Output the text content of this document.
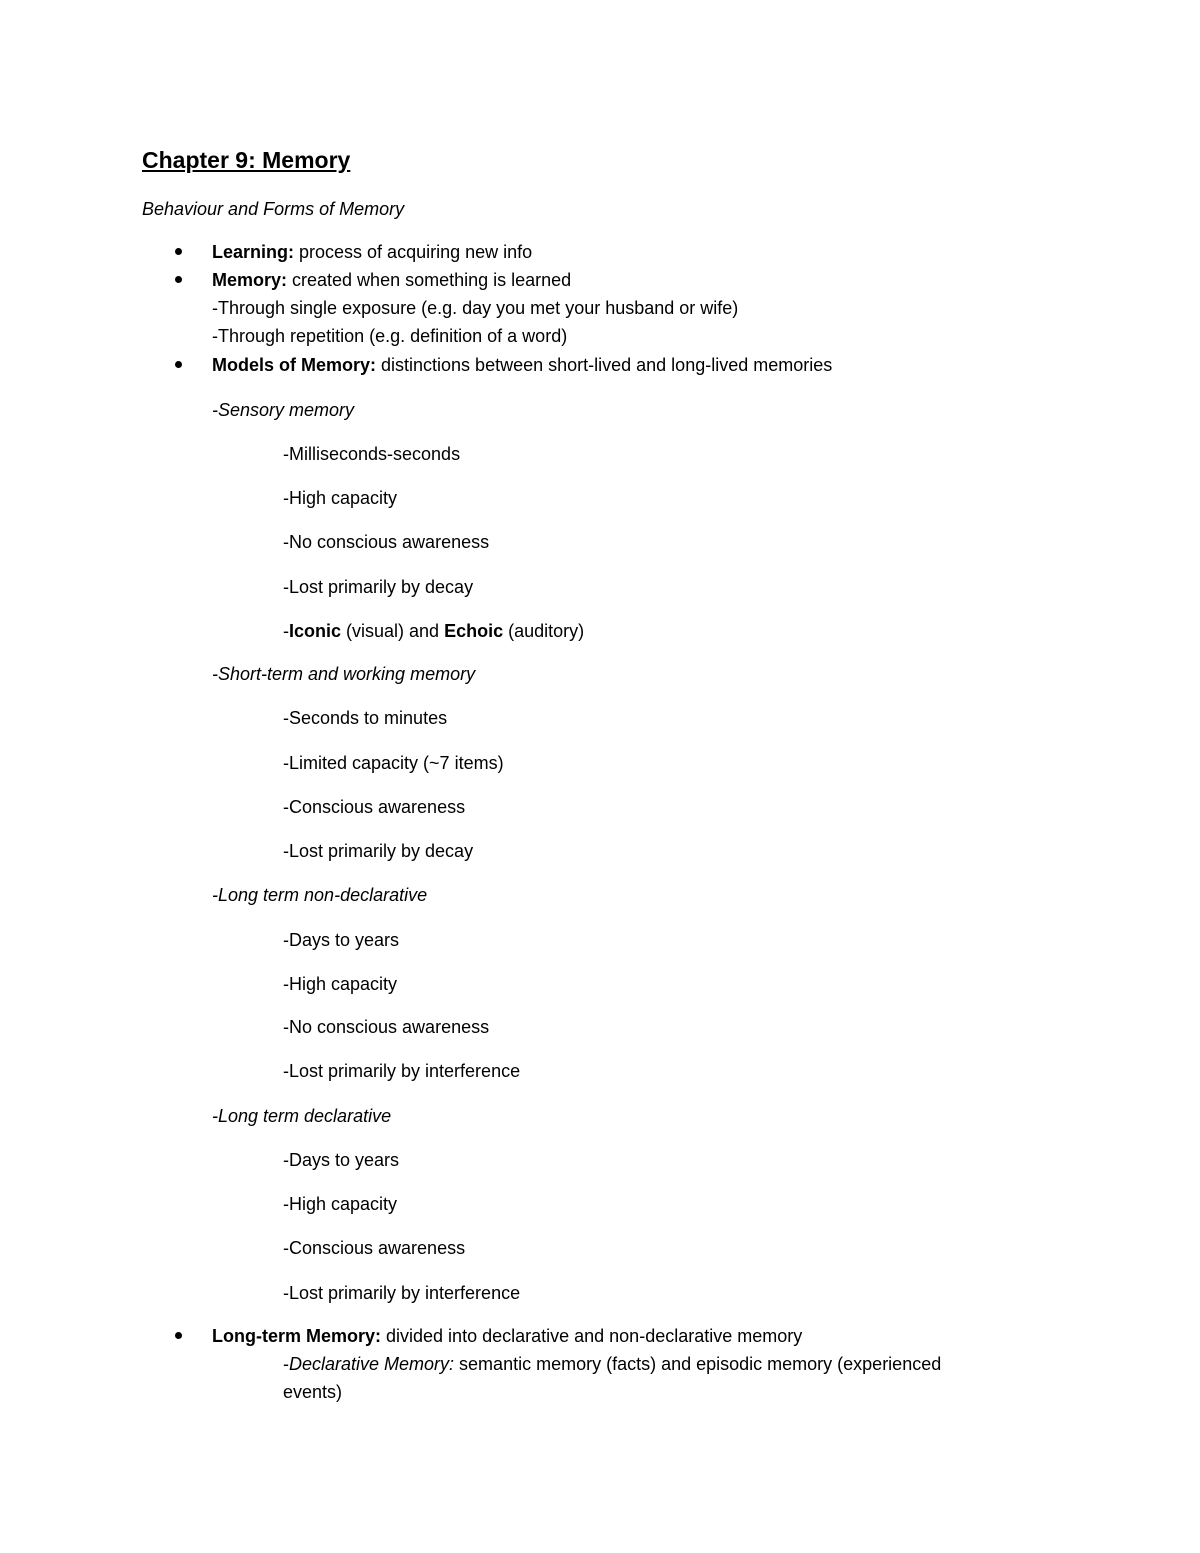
Chapter 9: Memory
Behaviour and Forms of Memory
Learning: process of acquiring new info
Memory: created when something is learned
-Through single exposure (e.g. day you met your husband or wife)
-Through repetition (e.g. definition of a word)
Models of Memory: distinctions between short-lived and long-lived memories
-Sensory memory
-Milliseconds-seconds
-High capacity
-No conscious awareness
-Lost primarily by decay
-Iconic (visual) and Echoic (auditory)
-Short-term and working memory
-Seconds to minutes
-Limited capacity (~7 items)
-Conscious awareness
-Lost primarily by decay
-Long term non-declarative
-Days to years
-High capacity
-No conscious awareness
-Lost primarily by interference
-Long term declarative
-Days to years
-High capacity
-Conscious awareness
-Lost primarily by interference
Long-term Memory: divided into declarative and non-declarative memory
-Declarative Memory: semantic memory (facts) and episodic memory (experienced
events)
